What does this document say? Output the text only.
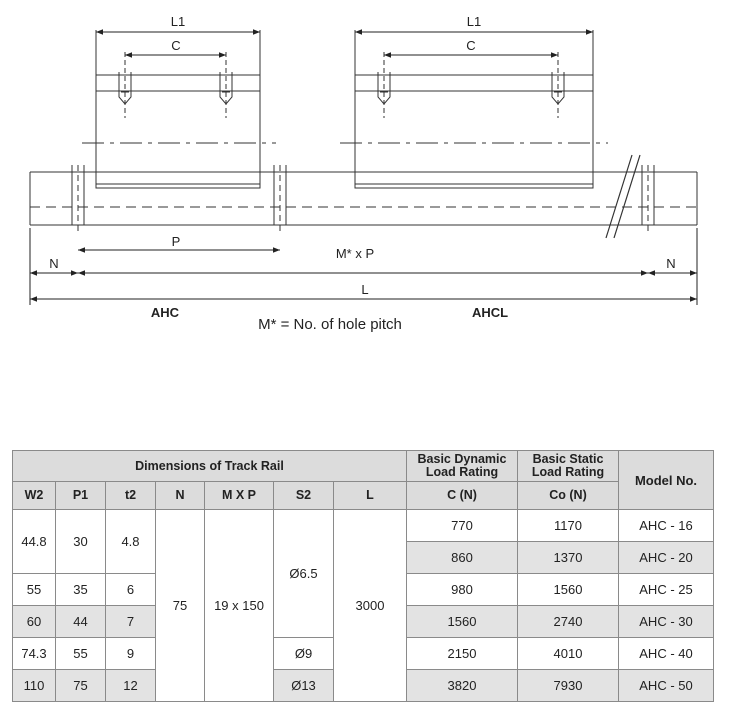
L1
C
L1
C
P
M* x P
N	N
L
AHC	AHCL
M* = No. of hole pitch
Dimensions of Track Rail							Basic Dynamic Load Rating	Basic Static Load Rating	Model No.
W2	P1	t2	N	M X P	S2	L	C (N)	Co (N)	
44.8	30	4.8	75	19 x 150	Ø6.5	3000	770	1170	AHC - 16
							860	1370	AHC - 20
55	35	6					980	1560	AHC - 25
60	44	7					1560	2740	AHC - 30
74.3	55	9			Ø9		2150	4010	AHC - 40
110	75	12			Ø13		3820	7930	AHC - 50
